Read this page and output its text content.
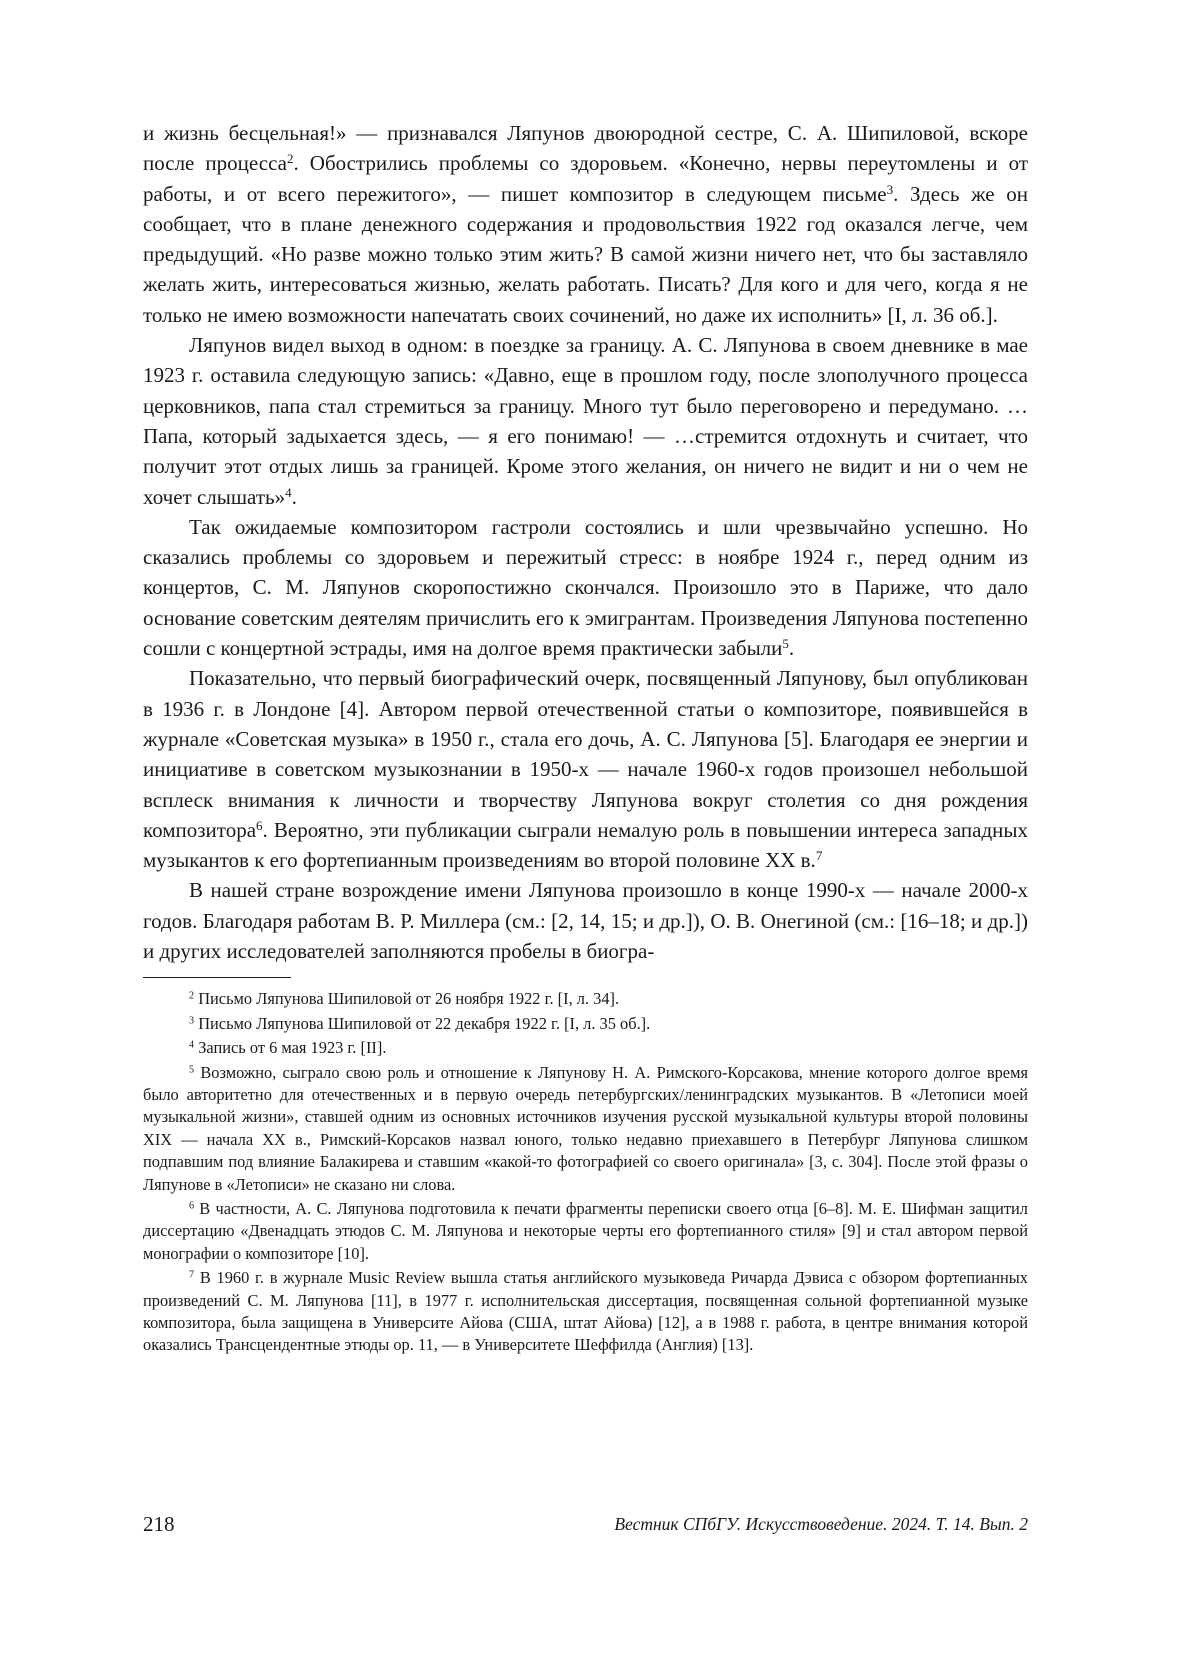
и жизнь бесцельная!» — признавался Ляпунов двоюродной сестре, С. А. Шипиловой, вскоре после процесса$^2$. Обострились проблемы со здоровьем. «Конечно, нервы переутомлены и от работы, и от всего пережитого», — пишет композитор в следующем письме$^3$. Здесь же он сообщает, что в плане денежного содержания и продовольствия 1922 год оказался легче, чем предыдущий. «Но разве можно только этим жить? В самой жизни ничего нет, что бы заставляло желать жить, интересоваться жизнью, желать работать. Писать? Для кого и для чего, когда я не только не имею возможности напечатать своих сочинений, но даже их исполнить» [I, л. 36 об.].

Ляпунов видел выход в одном: в поездке за границу. А. С. Ляпунова в своем дневнике в мае 1923 г. оставила следующую запись: «Давно, еще в прошлом году, после злополучного процесса церковников, папа стал стремиться за границу. Много тут было переговорено и передумано. …Папа, который задыхается здесь, — я его понимаю! — …стремится отдохнуть и считает, что получит этот отдых лишь за границей. Кроме этого желания, он ничего не видит и ни о чем не хочет слышать»$^4$.

Так ожидаемые композитором гастроли состоялись и шли чрезвычайно успешно. Но сказались проблемы со здоровьем и пережитый стресс: в ноябре 1924 г., перед одним из концертов, С. М. Ляпунов скоропостижно скончался. Произошло это в Париже, что дало основание советским деятелям причислить его к эмигрантам. Произведения Ляпунова постепенно сошли с концертной эстрады, имя на долгое время практически забыли$^5$.

Показательно, что первый биографический очерк, посвященный Ляпунову, был опубликован в 1936 г. в Лондоне [4]. Автором первой отечественной статьи о композиторе, появившейся в журнале «Советская музыка» в 1950 г., стала его дочь, А. С. Ляпунова [5]. Благодаря ее энергии и инициативе в советском музыкознании в 1950-х — начале 1960-х годов произошел небольшой всплеск внимания к личности и творчеству Ляпунова вокруг столетия со дня рождения композитора$^6$. Вероятно, эти публикации сыграли немалую роль в повышении интереса западных музыкантов к его фортепианным произведениям во второй половине XX в.$^7$

В нашей стране возрождение имени Ляпунова произошло в конце 1990-х — начале 2000-х годов. Благодаря работам В. Р. Миллера (см.: [2, 14, 15; и др.]), О. В. Онегиной (см.: [16–18; и др.]) и других исследователей заполняются пробелы в биогра-

$^2$ Письмо Ляпунова Шипиловой от 26 ноября 1922 г. [I, л. 34].

$^3$ Письмо Ляпунова Шипиловой от 22 декабря 1922 г. [I, л. 35 об.].

$^4$ Запись от 6 мая 1923 г. [II].

$^5$ Возможно, сыграло свою роль и отношение к Ляпунову Н. А. Римского-Корсакова, мнение которого долгое время было авторитетно для отечественных и в первую очередь петербургских/ленинградских музыкантов. В «Летописи моей музыкальной жизни», ставшей одним из основных источников изучения русской музыкальной культуры второй половины XIX — начала XX в., Римский-Корсаков назвал юного, только недавно приехавшего в Петербург Ляпунова слишком подпавшим под влияние Балакирева и ставшим «какой-то фотографией со своего оригинала» [3, с. 304]. После этой фразы о Ляпунове в «Летописи» не сказано ни слова.

$^6$ В частности, А. С. Ляпунова подготовила к печати фрагменты переписки своего отца [6–8]. М. Е. Шифман защитил диссертацию «Двенадцать этюдов С. М. Ляпунова и некоторые черты его фортепианного стиля» [9] и стал автором первой монографии о композиторе [10].

$^7$ В 1960 г. в журнале Music Review вышла статья английского музыковеда Ричарда Дэвиса с обзором фортепианных произведений С. М. Ляпунова [11], в 1977 г. исполнительская диссертация, посвященная сольной фортепианной музыке композитора, была защищена в Университе Айова (США, штат Айова) [12], а в 1988 г. работа, в центре внимания которой оказались Трансцендентные этюды ор. 11, — в Университете Шеффилда (Англия) [13].

218	Вестник СПбГУ. Искусствоведение. 2024. Т. 14. Вып. 2
